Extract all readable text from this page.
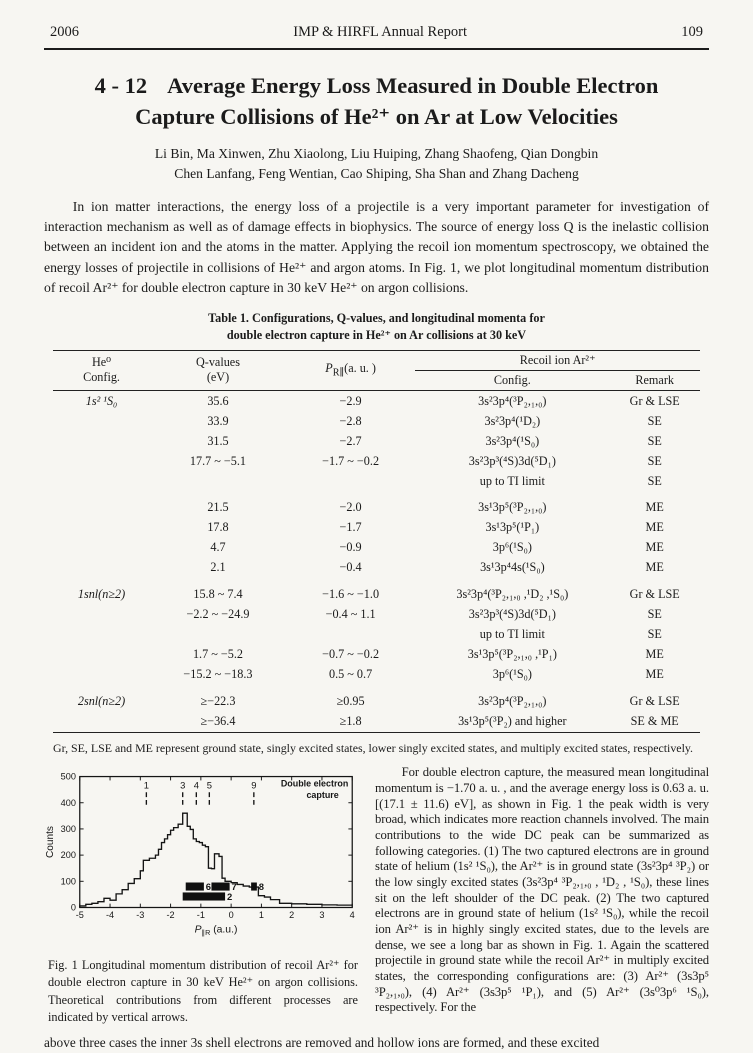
2006	IMP & HIRFL Annual Report	109
4 - 12 Average Energy Loss Measured in Double Electron
Capture Collisions of He²⁺ on Ar at Low Velocities
Li Bin, Ma Xinwen, Zhu Xiaolong, Liu Huiping, Zhang Shaofeng, Qian Dongbin
Chen Lanfang, Feng Wentian, Cao Shiping, Sha Shan and Zhang Dacheng
In ion matter interactions, the energy loss of a projectile is a very important parameter for investigation of interaction mechanism as well as of damage effects in biophysics. The source of energy loss Q is the inelastic collision between an incident ion and the atoms in the matter. Applying the recoil ion momentum spectroscopy, we obtained the energy losses of projectile in collisions of He²⁺ and argon atoms. In Fig. 1, we plot longitudinal momentum distribution of recoil Ar²⁺ for double electron capture in 30 keV He²⁺ on argon collisions.
Table 1. Configurations, Q-values, and longitudinal momenta for
double electron capture in He²⁺ on Ar collisions at 30 keV
He⁰
Config.

Q-values
(eV)
	$P_{R\parallel}(a$. u. )	Recoil ion Ar²⁺
			Config.	Remark
1s² ¹S₀	35.6	−2.9	3s²3p⁴(³P₂,₁,₀)	Gr & LSE
	33.9	−2.8	3s²3p⁴(¹D₂)	SE
	31.5	−2.7	3s²3p⁴(¹S₀)	SE
	17.7 ~ −5.1	−1.7 ~ −0.2	3s²3p³(⁴S)3d(⁵D₁)	SE
			up to TI limit	SE
	21.5	−2.0	3s¹3p⁵(³P₂,₁,₀)	ME
	17.8	−1.7	3s¹3p⁵(¹P₁)	ME
	4.7	−0.9	3p⁶(¹S₀)	ME
	2.1	−0.4	3s¹3p⁴4s(¹S₀)	ME
1snl(n≥2)	15.8 ~ 7.4	−1.6 ~ −1.0	3s²3p⁴(³P₂,₁,₀ ,¹D₂ ,¹S₀)	Gr & LSE
	−2.2 ~ −24.9	−0.4 ~ 1.1	3s²3p³(⁴S)3d(⁵D₁)	SE
			up to TI limit	SE
	1.7 ~ −5.2	−0.7 ~ −0.2	3s¹3p⁵(³P₂,₁,₀ ,¹P₁)	ME
	−15.2 ~ −18.3	0.5 ~ 0.7	3p⁶(¹S₀)	ME
2snl(n≥2)	≥−22.3	≥0.95	3s²3p⁴(³P₂,₁,₀)	Gr & LSE
	≥−36.4	≥1.8	3s¹3p⁵(³P₂) and higher	SE & ME
Gr, SE, LSE and ME represent ground state, singly excited states, lower singly excited states, and multiply excited states, respectively.
-5 -4 -3 -2 -1 0	1	2	3	4
0
100
200
300
400
500
1	3 4 5	9
6 7 8
2
Double electron
capture
Counts
$P_{\parallel R}$ (a.u.)
Fig. 1 Longitudinal momentum distribution of recoil Ar²⁺ for double electron capture in 30 keV He²⁺ on argon collisions. Theoretical contributions from different processes are indicated by vertical arrows.

For double electron capture, the measured mean longitudinal momentum is −1.70 a. u. , and the average energy loss is 0.63 a. u. [(17.1 ± 11.6) eV], as shown in Fig. 1 the peak width is very broad, which indicates more reaction channels involved. The main contributions to the wide DC peak can be summarized as following categories. (1) The two captured electrons are in ground state of helium (1s² ¹S₀), the Ar²⁺ is in ground state (3s²3p⁴ ³P₂) or the low singly excited states (3s²3p⁴ ³P₂,₁,₀ , ¹D₂ , ¹S₀), these lines sit on the left shoulder of the DC peak. (2) The two captured electrons are in ground state of helium (1s² ¹S₀), while the recoil ion Ar²⁺ is in highly singly excited states, due to the levels are dense, we see a long bar as shown in Fig. 1. Again the scattered projectile in ground state while the recoil Ar²⁺ in multiply excited states, the corresponding configurations are: (3) Ar²⁺ (3s3p⁵ ³P₂,₁,₀), (4) Ar²⁺ (3s3p⁵ ¹P₁), and (5) Ar²⁺ (3s⁰3p⁶ ¹S₀), respectively. For the

above three cases the inner 3s shell electrons are removed and hollow ions are formed, and these excited
